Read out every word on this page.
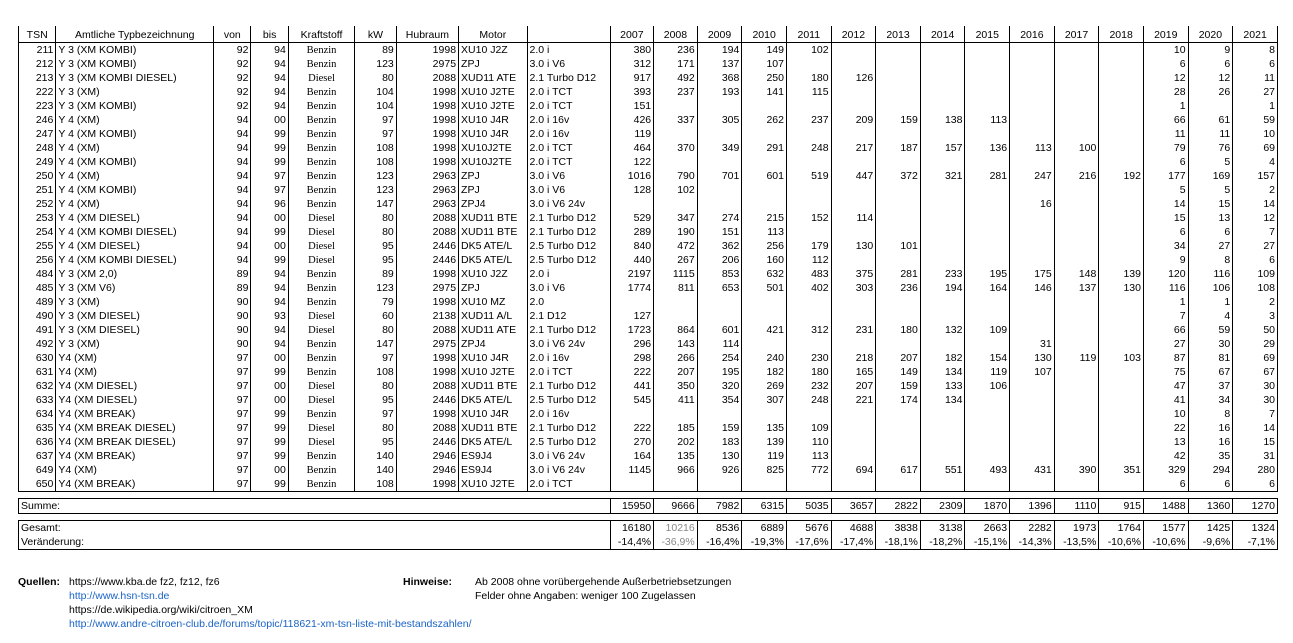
TSN	Amtliche Typbezeichnung	von	bis	Kraftstoff	kW	Hubraum	Motor		2007	2008	2009	2010	2011	2012	2013	2014	2015	2016	2017	2018	2019	2020	2021
211	Y 3 (XM KOMBI)	92	94	Benzin	89	1998	XU10 J2Z	2.0 i	380	236	194	149	102								10	9	8
212	Y 3 (XM KOMBI)	92	94	Benzin	123	2975	ZPJ	3.0 i V6	312	171	137	107									6	6	6
213	Y 3 (XM KOMBI DIESEL)	92	94	Diesel	80	2088	XUD11 ATE	2.1 Turbo D12	917	492	368	250	180	126							12	12	11
222	Y 3 (XM)	92	94	Benzin	104	1998	XU10 J2TE	2.0 i TCT	393	237	193	141	115								28	26	27
223	Y 3 (XM KOMBI)	92	94	Benzin	104	1998	XU10 J2TE	2.0 i TCT	151												1		1
246	Y 4 (XM)	94	00	Benzin	97	1998	XU10 J4R	2.0 i 16v	426	337	305	262	237	209	159	138	113				66	61	59
247	Y 4 (XM KOMBI)	94	99	Benzin	97	1998	XU10 J4R	2.0 i 16v	119												11	11	10
248	Y 4 (XM)	94	99	Benzin	108	1998	XU10J2TE	2.0 i TCT	464	370	349	291	248	217	187	157	136	113	100		79	76	69
249	Y 4 (XM KOMBI)	94	99	Benzin	108	1998	XU10J2TE	2.0 i TCT	122												6	5	4
250	Y 4 (XM)	94	97	Benzin	123	2963	ZPJ	3.0 i V6	1016	790	701	601	519	447	372	321	281	247	216	192	177	169	157
251	Y 4 (XM KOMBI)	94	97	Benzin	123	2963	ZPJ	3.0 i V6	128	102											5	5	2
252	Y 4 (XM)	94	96	Benzin	147	2963	ZPJ4	3.0 i V6 24v										16			14	15	14
253	Y 4 (XM DIESEL)	94	00	Diesel	80	2088	XUD11 BTE	2.1 Turbo D12	529	347	274	215	152	114							15	13	12
254	Y 4 (XM KOMBI DIESEL)	94	99	Diesel	80	2088	XUD11 BTE	2.1 Turbo D12	289	190	151	113									6	6	7
255	Y 4 (XM DIESEL)	94	00	Diesel	95	2446	DK5 ATE/L	2.5 Turbo D12	840	472	362	256	179	130	101						34	27	27
256	Y 4 (XM KOMBI DIESEL)	94	99	Diesel	95	2446	DK5 ATE/L	2.5 Turbo D12	440	267	206	160	112								9	8	6
484	Y 3 (XM 2,0)	89	94	Benzin	89	1998	XU10 J2Z	2.0 i	2197	1115	853	632	483	375	281	233	195	175	148	139	120	116	109
485	Y 3 (XM V6)	89	94	Benzin	123	2975	ZPJ	3.0 i V6	1774	811	653	501	402	303	236	194	164	146	137	130	116	106	108
489	Y 3 (XM)	90	94	Benzin	79	1998	XU10 MZ	2.0													1	1	2
490	Y 3 (XM DIESEL)	90	93	Diesel	60	2138	XUD11 A/L	2.1 D12	127												7	4	3
491	Y 3 (XM DIESEL)	90	94	Diesel	80	2088	XUD11 ATE	2.1 Turbo D12	1723	864	601	421	312	231	180	132	109				66	59	50
492	Y 3 (XM)	90	94	Benzin	147	2975	ZPJ4	3.0 i V6 24v	296	143	114							31			27	30	29
630	Y4 (XM)	97	00	Benzin	97	1998	XU10 J4R	2.0 i 16v	298	266	254	240	230	218	207	182	154	130	119	103	87	81	69
631	Y4 (XM)	97	99	Benzin	108	1998	XU10 J2TE	2.0 i TCT	222	207	195	182	180	165	149	134	119	107			75	67	67
632	Y4 (XM DIESEL)	97	00	Diesel	80	2088	XUD11 BTE	2.1 Turbo D12	441	350	320	269	232	207	159	133	106				47	37	30
633	Y4 (XM DIESEL)	97	00	Diesel	95	2446	DK5 ATE/L	2.5 Turbo D12	545	411	354	307	248	221	174	134					41	34	30
634	Y4 (XM BREAK)	97	99	Benzin	97	1998	XU10 J4R	2.0 i 16v													10	8	7
635	Y4 (XM BREAK DIESEL)	97	99	Diesel	80	2088	XUD11 BTE	2.1 Turbo D12	222	185	159	135	109								22	16	14
636	Y4 (XM BREAK DIESEL)	97	99	Diesel	95	2446	DK5 ATE/L	2.5 Turbo D12	270	202	183	139	110								13	16	15
637	Y4 (XM BREAK)	97	99	Benzin	140	2946	ES9J4	3.0 i V6 24v	164	135	130	119	113								42	35	31
649	Y4 (XM)	97	00	Benzin	140	2946	ES9J4	3.0 i V6 24v	1145	966	926	825	772	694	617	551	493	431	390	351	329	294	280
650	Y4 (XM BREAK)	97	99	Benzin	108	1998	XU10 J2TE	2.0 i TCT													6	6	6

Summe:									15950	9666	7982	6315	5035	3657	2822	2309	1870	1396	1110	915	1488	1360	1270

Gesamt:									16180	10216	8536	6889	5676	4688	3838	3138	2663	2282	1973	1764	1577	1425	1324
Veränderung:									-14,4%	-36,9%	-16,4%	-19,3%	-17,6%	-17,4%	-18,1%	-18,2%	-15,1%	-14,3%	-13,5%	-10,6%	-10,6%	-9,6%	-7,1%
Quellen: https://www.kba.de fz2, fz12, fz6
http://www.hsn-tsn.de
https://de.wikipedia.org/wiki/citroen_XM
http://www.andre-citroen-club.de/forums/topic/118621-xm-tsn-liste-mit-bestandszahlen/
Hinweise: Ab 2008 ohne vorübergehende Außerbetriebsetzungen
Felder ohne Angaben: weniger 100 Zugelassen
